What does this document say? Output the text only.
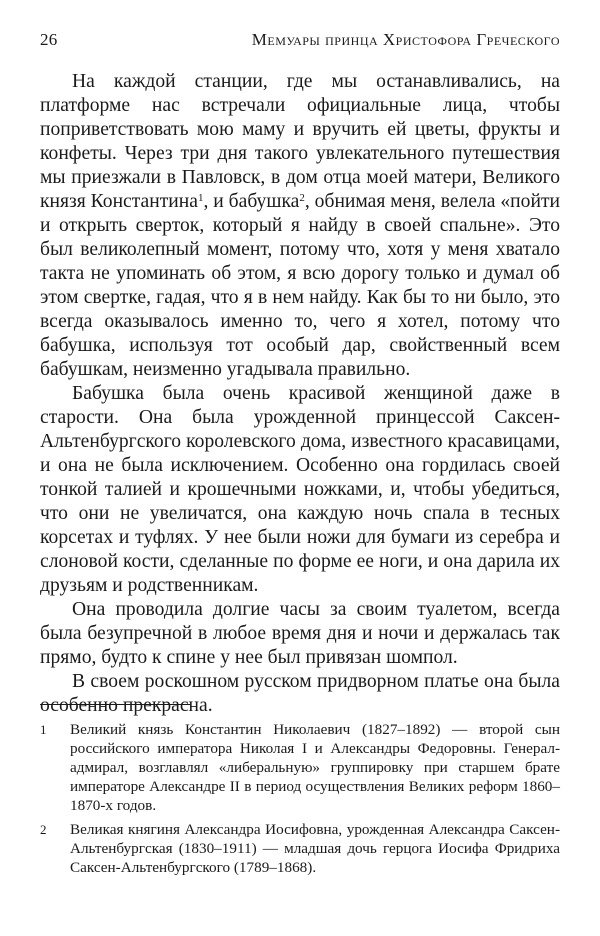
26	Мемуары принца Христофора Греческого

На каждой станции, где мы останавливались, на платформе нас встречали официальные лица, чтобы поприветствовать мою маму и вручить ей цветы, фрукты и конфеты. Через три дня такого увлекательного путешествия мы приезжали в Павловск, в дом отца моей матери, Великого князя Константина$^1$, и бабушка$^2$, обнимая меня, велела «пойти и открыть сверток, который я найду в своей спальне». Это был великолепный момент, потому что, хотя у меня хватало такта не упоминать об этом, я всю дорогу только и думал об этом свертке, гадая, что я в нем найду. Как бы то ни было, это всегда оказывалось именно то, чего я хотел, потому что бабушка, используя тот особый дар, свойственный всем бабушкам, неизменно угадывала правильно.

Бабушка была очень красивой женщиной даже в старости. Она была урожденной принцессой Саксен-Альтенбургского королевского дома, известного красавицами, и она не была исключением. Особенно она гордилась своей тонкой талией и крошечными ножками, и, чтобы убедиться, что они не увеличатся, она каждую ночь спала в тесных корсетах и туфлях. У нее были ножи для бумаги из серебра и слоновой кости, сделанные по форме ее ноги, и она дарила их друзьям и родственникам.

Она проводила долгие часы за своим туалетом, всегда была безупречной в любое время дня и ночи и держалась так прямо, будто к спине у нее был привязан шомпол.

В своем роскошном русском придворном платье она была особенно прекрасна.

1	Великий князь Константин Николаевич (1827–1892) — второй сын российского императора Николая I и Александры Федоровны. Генерал-адмирал, возглавлял «либеральную» группировку при старшем брате императоре Александре II в период осуществления Великих реформ 1860–1870-х годов.
2	Великая княгиня Александра Иосифовна, урожденная Александра Саксен-Альтенбургская (1830–1911) — младшая дочь герцога Иосифа Фридриха Саксен-Альтенбургского (1789–1868).
